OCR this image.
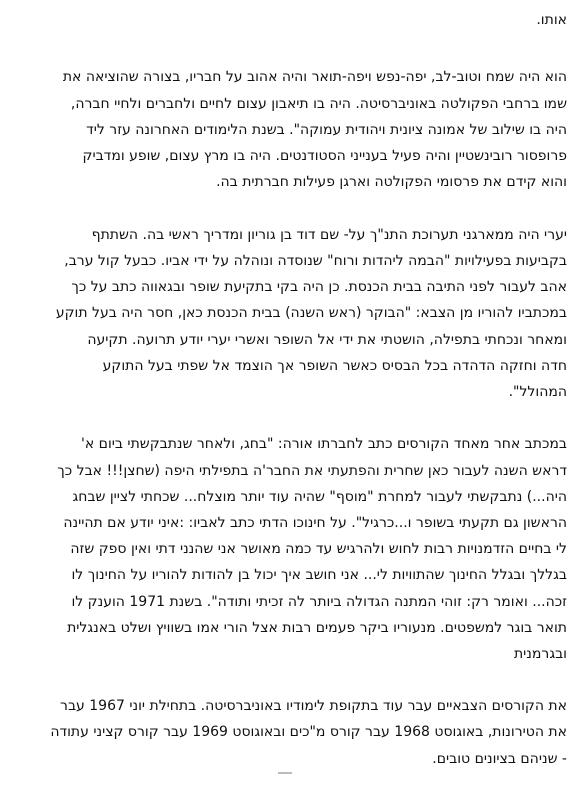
אותו.
הוא היה שמח וטוב-לב, יפה-נפש ויפה-תואר והיה אהוב על חבריו, בצורה שהוציאה את
שמו ברחבי הפקולטה באוניברסיטה. היה בו תיאבון עצום לחיים ולחברים ולחיי חברה,
היה בו שילוב של אמונה ציונית ויהודית עמוקה". בשנת הלימודים האחרונה עזר ליד
פרופסור רובינשטיין והיה פעיל בענייני הסטודנטים. היה בו מרץ עצום, שופע ומדביק
והוא קידם את פרסומי הפקולטה וארגן פעילות חברתית בה.
יערי היה ממארגני תערוכת התנ"ך על- שם דוד בן גוריון ומדריך ראשי בה. השתתף
בקביעות בפעילויות "הבמה ליהדות ורוח" שנוסדה ונוהלה על ידי אביו. כבעל קול ערב,
אהב לעבור לפני התיבה בבית הכנסת. כן היה בקי בתקיעת שופר ובגאווה כתב על כך
במכתביו להוריו מן הצבא: "הבוקר (ראש השנה) בבית הכנסת כאן, חסר היה בעל תוקע
ומאחר ונכחתי בתפילה, הושטתי את ידי אל השופר ואשרי יערי יודע תרועה. תקיעה
חדה וחזקה הדהדה בכל הבסיס כאשר השופר אך הוצמד אל שפתי בעל התוקע
המהולל".
במכתב אחר מאחד הקורסים כתב לחברתו אורה: "בחג, ולאחר שנתבקשתי ביום א'
דראש השנה לעבור כאן שחרית והפתעתי את החבר'ה בתפילתי היפה (שחצן!!! אבל כך
היה...) נתבקשתי לעבור למחרת "מוסף" שהיה עוד יותר מוצלח... שכחתי לציין שבחג
הראשון גם תקעתי בשופר ו...כרגיל". על חינוכו הדתי כתב לאביו: :איני יודע אם תהיינה
לי בחיים הזדמנויות רבות לחוש ולהרגיש עד כמה מאושר אני שהנני דתי ואין ספק שזה
בגללך ובגלל החינוך שהתוויות לי... אני חושב איך יכול בן להודות להוריו על החינוך לו
זכה... ואומר רק: זוהי המתנה הגדולה ביותר לה זכיתי ותודה". בשנת 1971 הוענק לו
תואר בוגר למשפטים. מנעוריו ביקר פעמים רבות אצל הורי אמו בשוויץ ושלט באנגלית
ובגרמנית
את הקורסים הצבאיים עבר עוד בתקופת לימודיו באוניברסיטה. בתחילת יוני 1967 עבר
את הטירונות, באוגוסט 1968 עבר קורס מ"כים ובאוגוסט 1969 עבר קורס קציני עתודה
- שניהם בציונים טובים.
